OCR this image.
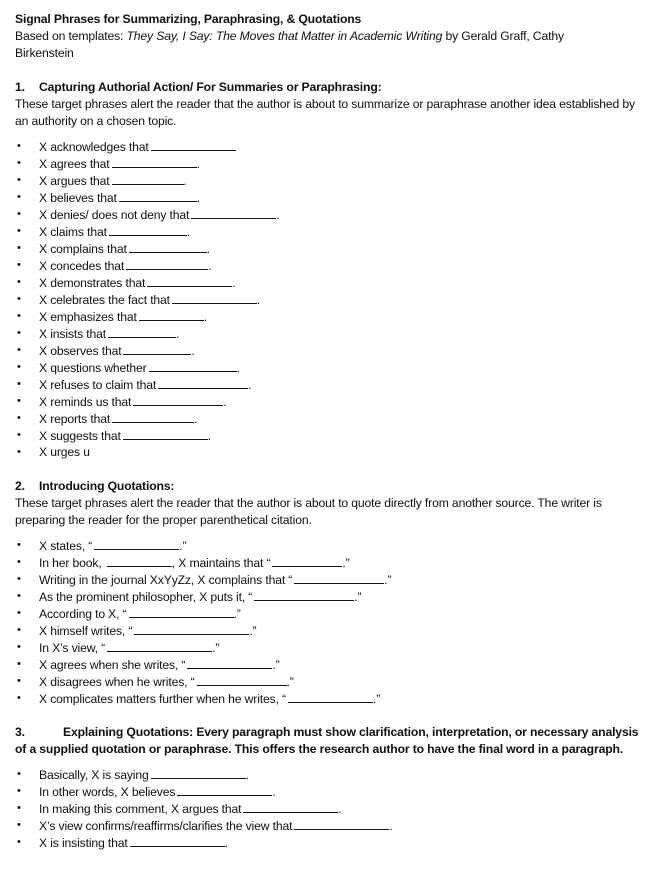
Signal Phrases for Summarizing, Paraphrasing, & Quotations

Based on templates: They Say, I Say: The Moves that Matter in Academic Writing by Gerald Graff, Cathy Birkenstein

1. Capturing Authorial Action/ For Summaries or Paraphrasing:

These target phrases alert the reader that the author is about to summarize or paraphrase another idea established by an authority on a chosen topic.

• X acknowledges that
• X agrees that	.
• X argues that	.
• X believes that	.
• X denies/ does not deny that	.
• X claims that	.
• X complains that	.
• X concedes that	.
• X demonstrates that	.
• X celebrates the fact that	.
• X emphasizes that	.
• X insists that	.
• X observes that	.
• X questions whether	.
• X refuses to claim that	.
• X reminds us that	.
• X reports that	.
• X suggests that	.
• X urges u

2. Introducing Quotations:

These target phrases alert the reader that the author is about to quote directly from another source. The writer is preparing the reader for the proper parenthetical citation.

• X states, “	.”
• In her book,	, X maintains that “	.”
• Writing in the journal XxYyZz, X complains that “	.”
• As the prominent philosopher, X puts it, “	.”
• According to X, “	.”
• X himself writes, “	.”
• In X’s view, “	.”
• X agrees when she writes, “	.”
• X disagrees when he writes, “	.”
• X complicates matters further when he writes, “	.”

3.	Explaining Quotations: Every paragraph must show clarification, interpretation, or necessary analysis of a supplied quotation or paraphrase. This offers the research author to have the final word in a paragraph.

• Basically, X is saying	.
• In other words, X believes	.
• In making this comment, X argues that	.
• X’s view confirms/reaffirms/clarifies the view that	.
• X is insisting that	.
